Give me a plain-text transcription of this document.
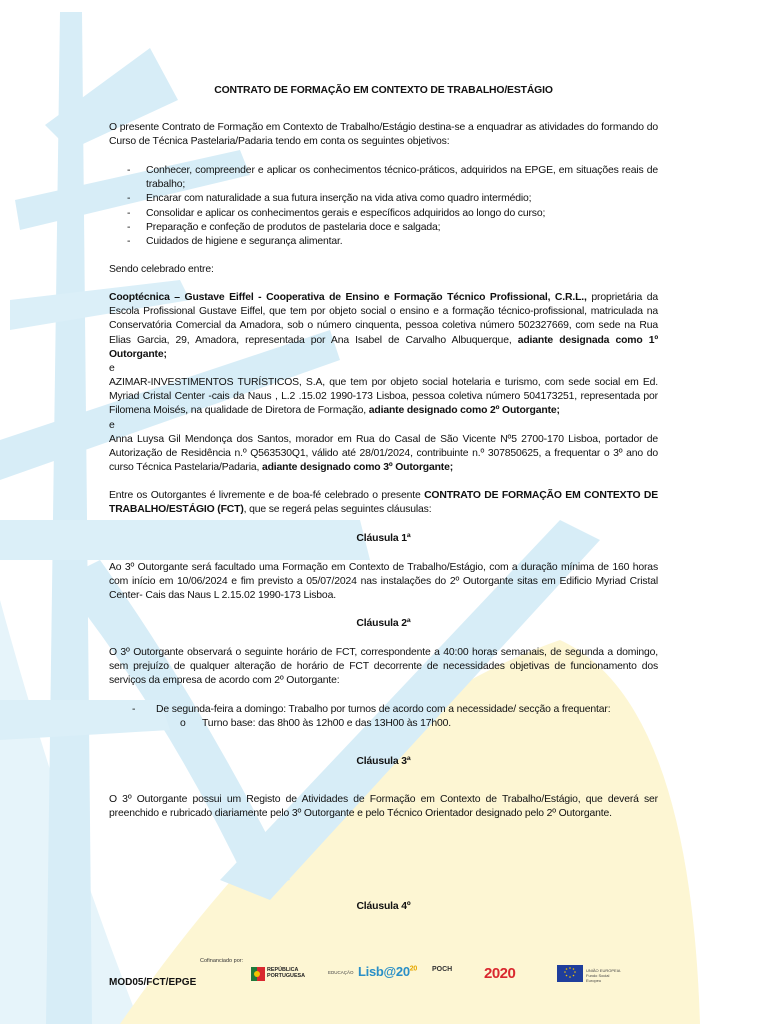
CONTRATO DE FORMAÇÃO EM CONTEXTO DE TRABALHO/ESTÁGIO
O presente Contrato de Formação em Contexto de Trabalho/Estágio destina-se a enquadrar as atividades do formando do Curso de Técnica Pastelaria/Padaria tendo em conta os seguintes objetivos:
- Conhecer, compreender e aplicar os conhecimentos técnico-práticos, adquiridos na EPGE, em situações reais de trabalho;
- Encarar com naturalidade a sua futura inserção na vida ativa como quadro intermédio;
- Consolidar e aplicar os conhecimentos gerais e específicos adquiridos ao longo do curso;
- Preparação e confeção de produtos de pastelaria doce e salgada;
- Cuidados de higiene e segurança alimentar.
Sendo celebrado entre:
Cooptécnica – Gustave Eiffel - Cooperativa de Ensino e Formação Técnico Profissional, C.R.L., proprietária da Escola Profissional Gustave Eiffel, que tem por objeto social o ensino e a formação técnico-profissional, matriculada na Conservatória Comercial da Amadora, sob o número cinquenta, pessoa coletiva número 502327669, com sede na Rua Elias Garcia, 29, Amadora, representada por Ana Isabel de Carvalho Albuquerque, adiante designada como 1º Outorgante;
e
AZIMAR-INVESTIMENTOS TURÍSTICOS, S.A, que tem por objeto social hotelaria e turismo, com sede social em Ed. Myriad Cristal Center -cais da Naus , L.2 .15.02 1990-173 Lisboa, pessoa coletiva número 504173251, representada por Filomena Moisés, na qualidade de Diretora de Formação, adiante designado como 2º Outorgante;
e
Anna Luysa Gil Mendonça dos Santos, morador em Rua do Casal de São Vicente Nº5 2700-170 Lisboa, portador de Autorização de Residência n.º Q563530Q1, válido até 28/01/2024, contribuinte n.º 307850625, a frequentar o 3º ano do curso Técnica Pastelaria/Padaria, adiante designado como 3º Outorgante;
Entre os Outorgantes é livremente e de boa-fé celebrado o presente CONTRATO DE FORMAÇÃO EM CONTEXTO DE TRABALHO/ESTÁGIO (FCT), que se regerá pelas seguintes cláusulas:
Cláusula 1ª
Ao 3º Outorgante será facultado uma Formação em Contexto de Trabalho/Estágio, com a duração mínima de 160 horas com início em 10/06/2024 e fim previsto a 05/07/2024 nas instalações do 2º Outorgante sitas em Edificio Myriad Cristal Center- Cais das Naus L 2.15.02 1990-173 Lisboa.
Cláusula 2ª
O 3º Outorgante observará o seguinte horário de FCT, correspondente a 40:00 horas semanais, de segunda a domingo, sem prejuízo de qualquer alteração de horário de FCT decorrente de necessidades objetivas de funcionamento dos serviços da empresa de acordo com 2º Outorgante:
- De segunda-feira a domingo: Trabalho por turnos de acordo com a necessidade/ secção a frequentar:
o Turno base: das 8h00 às 12h00 e das 13H00 às 17h00.
Cláusula 3ª
O 3º Outorgante possui um Registo de Atividades de Formação em Contexto de Trabalho/Estágio, que deverá ser preenchido e rubricado diariamente pelo 3º Outorgante e pelo Técnico Orientador designado pelo 2º Outorgante.
Cláusula 4º
MOD05/FCT/EPGE
Cofinanciado por:
REPÚBLICA PORTUGUESA
EDUCAÇÃO $Lisb@20^{20}$ POCH 2020	UNIÃO EUROPEIA
Fundo Social Europeu
